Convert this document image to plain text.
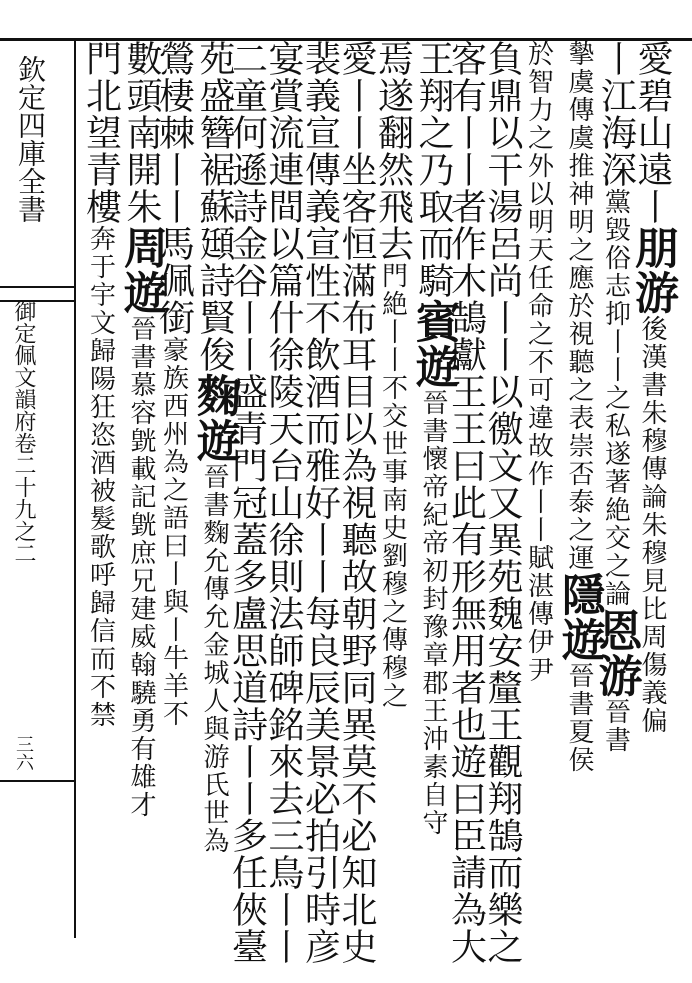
欽定四庫全書
御定佩文韻府卷二十九之二
三六
愛碧山遠丨朋游後漢書朱穆傳論朱穆見比周傷義偏
丨江海深黨毀俗志抑丨丨之私遂著絶交之論恩游晉書
摰虞傳虞推神明之應於視聽之表崇否泰之運隱遊晉書夏侯
於智力之外以明天任命之不可違故作丨丨賦湛傳伊尹
負鼎以干湯呂尚丨丨以徼文又異苑魏安釐王觀翔鵠而樂之
客有丨丨者作木鵠獻王王曰此有形無用者也遊曰臣請為大
王翔之乃取而騎賓遊晉書懷帝紀帝初封豫章郡王沖素自守
焉遂翻然飛去門絶丨丨不交世事南史劉穆之傳穆之
愛丨丨坐客恒滿布耳目以為視聽故朝野同異莫不必知北史
裴義宣傳義宣性不飲酒而雅好丨丨每良辰美景必拍引時彦
宴賞流連間以篇什徐陵天台山徐則法師碑銘來去三鳥丨丨
二童何遜詩金谷丨丨盛青門冠蓋多盧思道詩丨丨多任俠臺
苑盛簪裾蘇頲詩賢俊麴遊晉書麴允傳允金城人與游氏世為
鶯棲棘丨丨馬佩銜豪族西州為之語曰丨與丨牛羊不
數頭南開朱周遊晉書慕容皝載記皝庶兄建威翰驍勇有雄才
門北望青樓奔于宇文歸陽狂恣酒被髮歌呼歸信而不禁
